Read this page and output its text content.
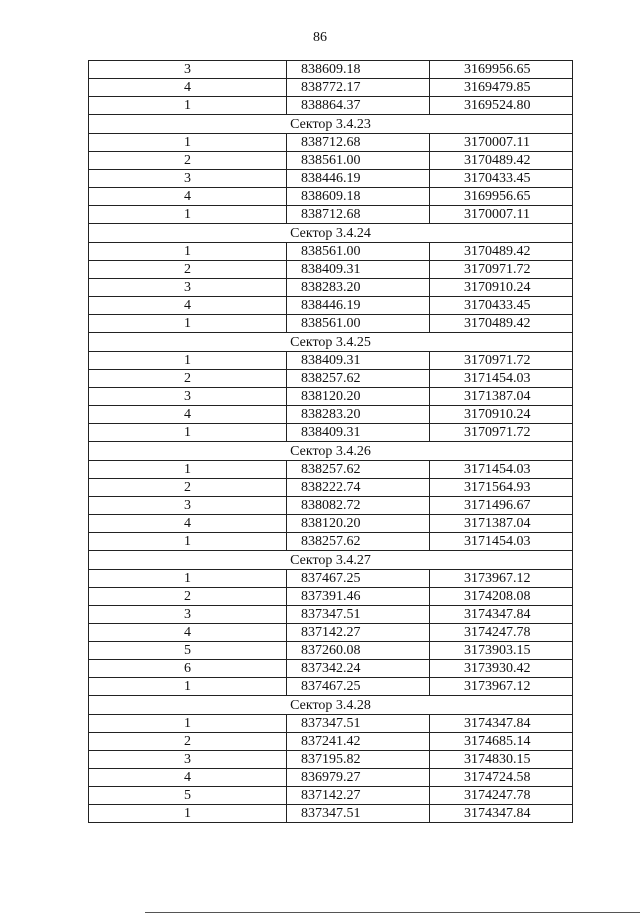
86
3	838609.18	3169956.65
4	838772.17	3169479.85
1	838864.37	3169524.80
Сектор 3.4.23		
1	838712.68	3170007.11
2	838561.00	3170489.42
3	838446.19	3170433.45
4	838609.18	3169956.65
1	838712.68	3170007.11
Сектор 3.4.24		
1	838561.00	3170489.42
2	838409.31	3170971.72
3	838283.20	3170910.24
4	838446.19	3170433.45
1	838561.00	3170489.42
Сектор 3.4.25		
1	838409.31	3170971.72
2	838257.62	3171454.03
3	838120.20	3171387.04
4	838283.20	3170910.24
1	838409.31	3170971.72
Сектор 3.4.26		
1	838257.62	3171454.03
2	838222.74	3171564.93
3	838082.72	3171496.67
4	838120.20	3171387.04
1	838257.62	3171454.03
Сектор 3.4.27		
1	837467.25	3173967.12
2	837391.46	3174208.08
3	837347.51	3174347.84
4	837142.27	3174247.78
5	837260.08	3173903.15
6	837342.24	3173930.42
1	837467.25	3173967.12
Сектор 3.4.28		
1	837347.51	3174347.84
2	837241.42	3174685.14
3	837195.82	3174830.15
4	836979.27	3174724.58
5	837142.27	3174247.78
1	837347.51	3174347.84
